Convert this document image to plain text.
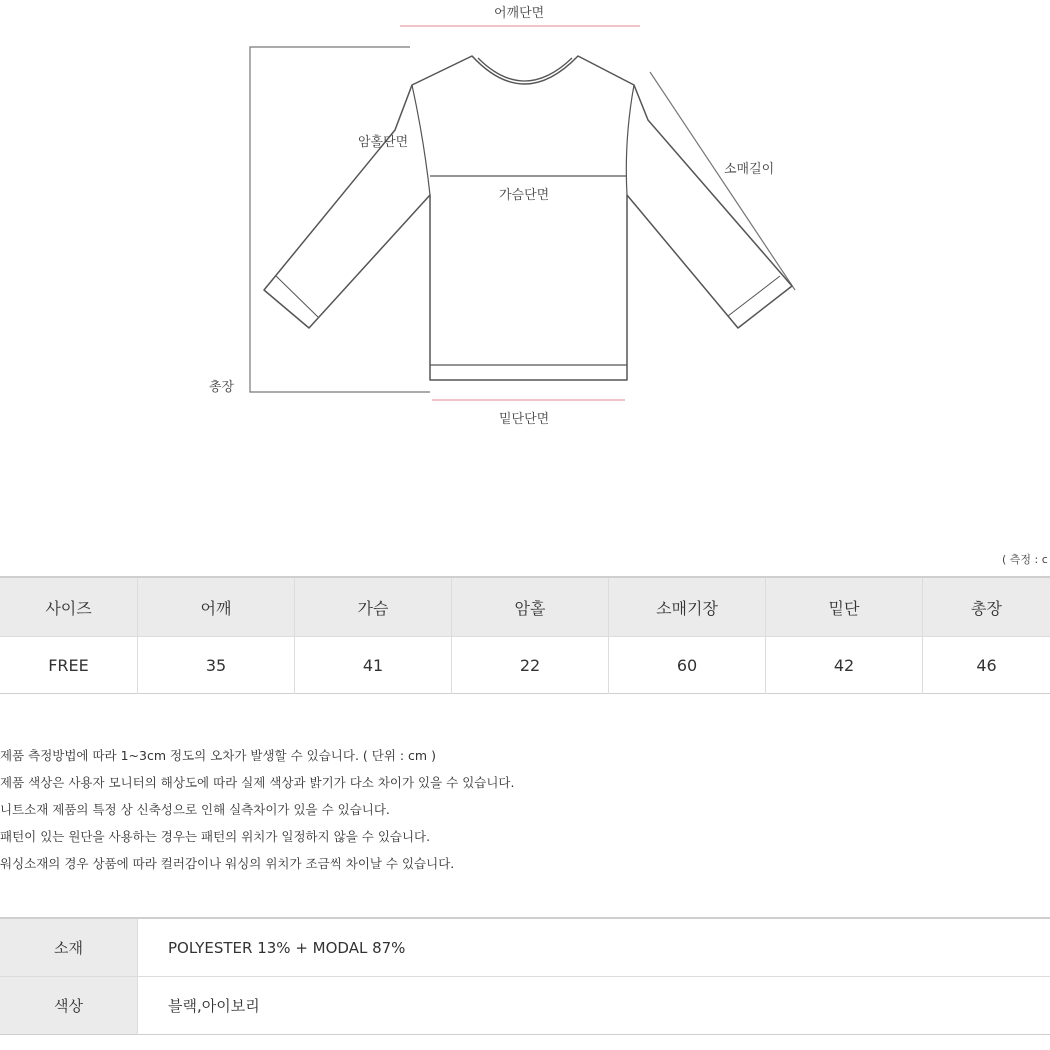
어깨단면
암홀단면
가슴단면
소매길이
총장
밑단단면
( 측정 : c
사이즈	어깨	가슴	암홀	소매기장	밑단	총장
FREE	35	41	22	60	42	46
제품 측정방법에 따라 1~3cm 정도의 오차가 발생할 수 있습니다. ( 단위 : cm )
제품 색상은 사용자 모니터의 해상도에 따라 실제 색상과 밝기가 다소 차이가 있을 수 있습니다.
니트소재 제품의 특정 상 신축성으로 인해 실측차이가 있을 수 있습니다.
패턴이 있는 원단을 사용하는 경우는 패턴의 위치가 일정하지 않을 수 있습니다.
워싱소재의 경우 상품에 따라 컬러감이나 워싱의 위치가 조금씩 차이날 수 있습니다.
소재	POLYESTER 13% + MODAL 87%
색상	블랙,아이보리
